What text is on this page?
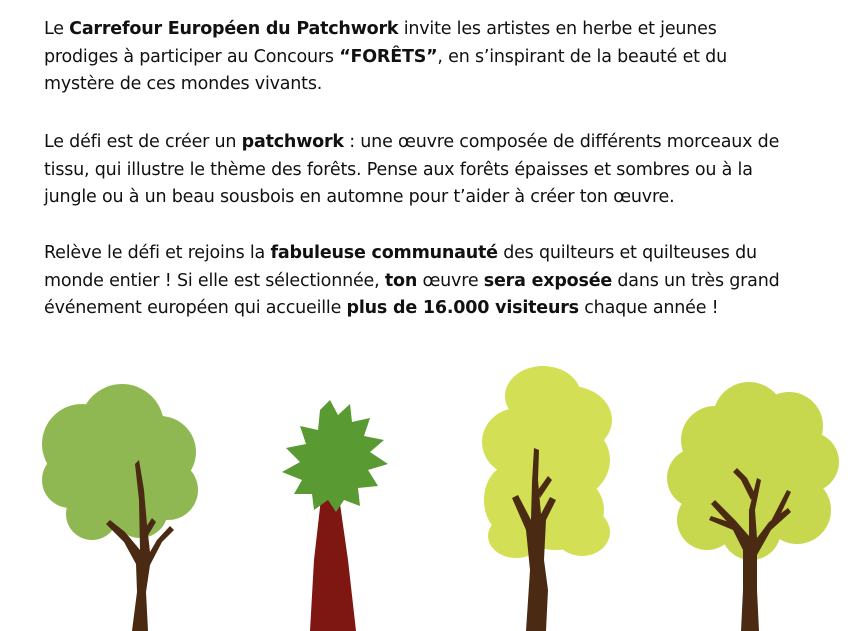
Le Carrefour Européen du Patchwork invite les artistes en herbe et jeunes
prodiges à participer au Concours “FORÊTS”, en s’inspirant de la beauté et du
mystère de ces mondes vivants.
Le défi est de créer un patchwork : une œuvre composée de différents morceaux de
tissu, qui illustre le thème des forêts. Pense aux forêts épaisses et sombres ou à la
jungle ou à un beau sousbois en automne pour t’aider à créer ton œuvre.
Relève le défi et rejoins la fabuleuse communauté des quilteurs et quilteuses du
monde entier ! Si elle est sélectionnée, ton œuvre sera exposée dans un très grand
événement européen qui accueille plus de 16.000 visiteurs chaque année !
